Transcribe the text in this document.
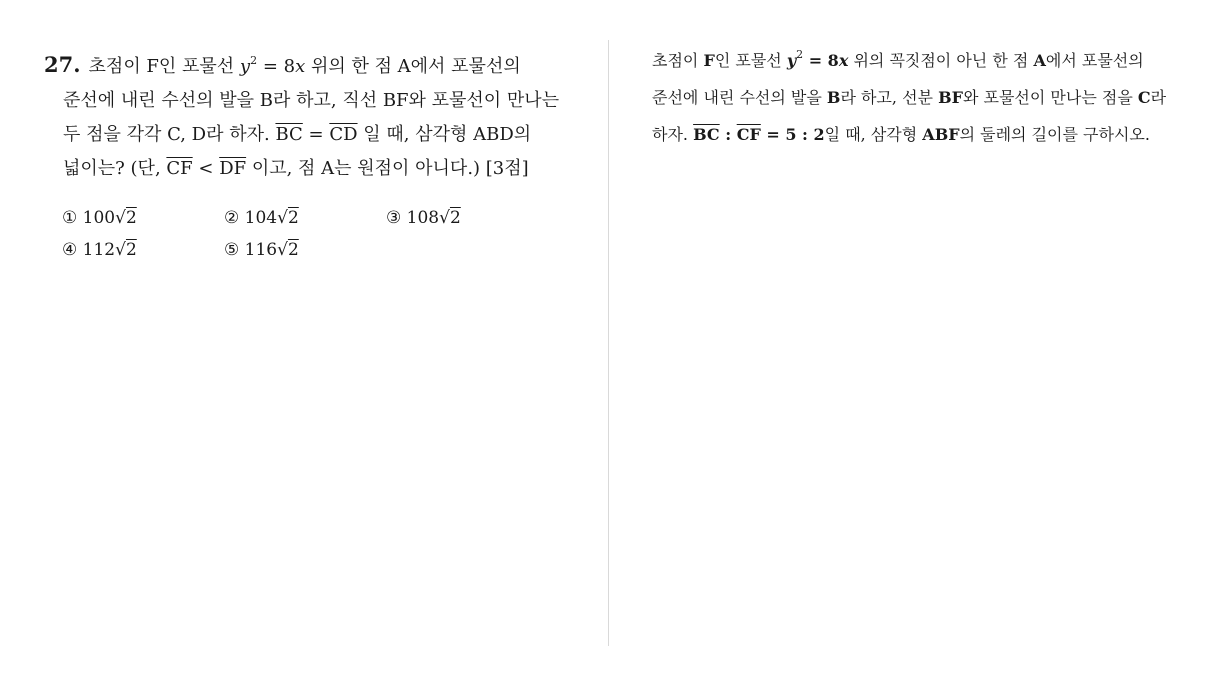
27. 초점이 F인 포물선 $y^2 = 8x$ 위의 한 점 A에서 포물선의
준선에 내린 수선의 발을 B라 하고, 직선 BF와 포물선이 만나는
두 점을 각각 C, D라 하자. $\overline{BC} = \overline{CD}$ 일 때, 삼각형 ABD의
넓이는? (단, $\overline{CF} < \overline{DF}$ 이고, 점 A는 원점이 아니다.) [3점]
① 100√2	② 104√2	③ 108√2
④ 112√2	⑤ 116√2
초점이 F인 포물선 $y^2 = 8x$ 위의 꼭짓점이 아닌 한 점 A에서 포물선의
준선에 내린 수선의 발을 B라 하고, 선분 BF와 포물선이 만나는 점을 C라
하자. $\overline{BC}$ : $\overline{CF} = 5$ : 2일 때, 삼각형 ABF의 둘레의 길이를 구하시오.
